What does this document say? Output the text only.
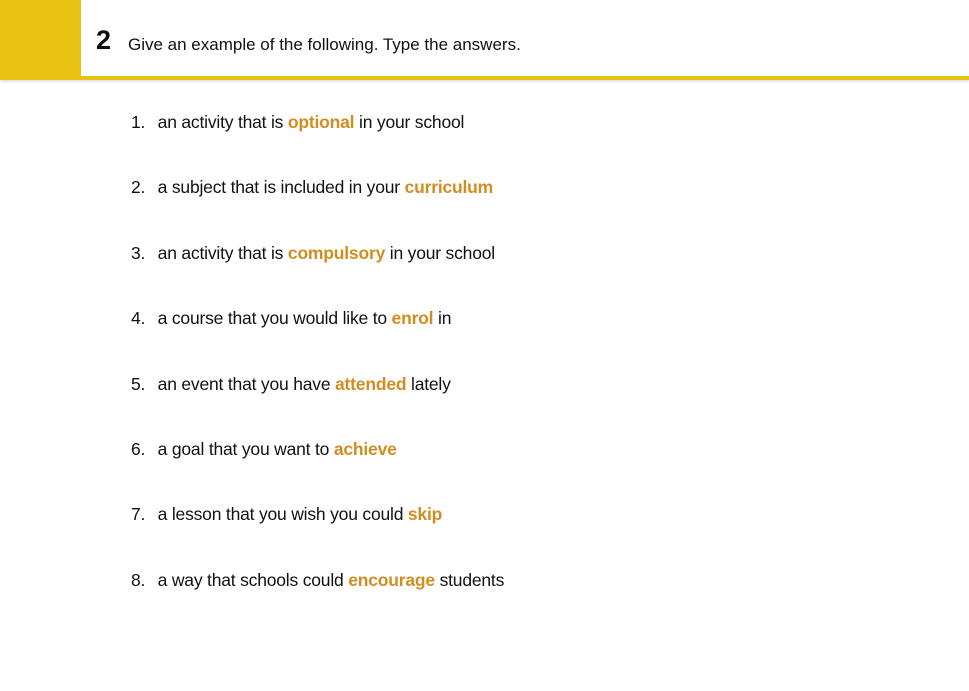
2 Give an example of the following. Type the answers.
1. an activity that is optional in your school
2. a subject that is included in your curriculum
3. an activity that is compulsory in your school
4. a course that you would like to enrol in
5. an event that you have attended lately
6. a goal that you want to achieve
7. a lesson that you wish you could skip
8. a way that schools could encourage students
